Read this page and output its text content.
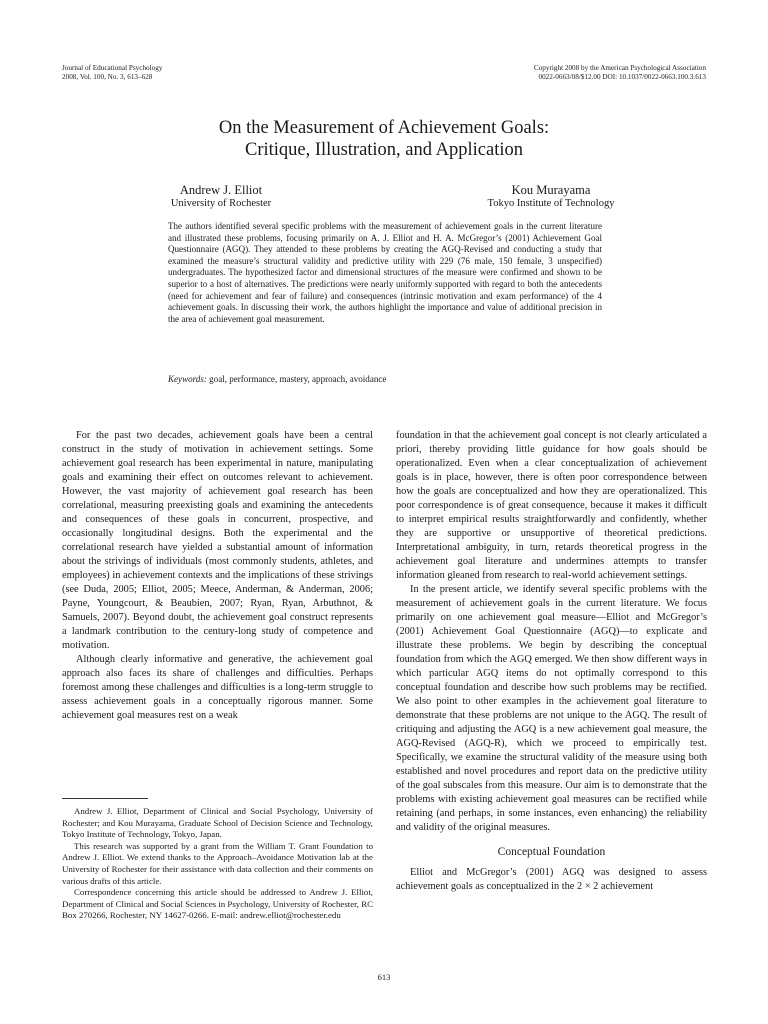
Journal of Educational Psychology
2008, Vol. 100, No. 3, 613–628
Copyright 2008 by the American Psychological Association
0022-0663/08/$12.00 DOI: 10.1037/0022-0663.100.3.613
On the Measurement of Achievement Goals:
Critique, Illustration, and Application
Andrew J. Elliot
University of Rochester
Kou Murayama
Tokyo Institute of Technology

The authors identified several specific problems with the measurement of achievement goals in the current literature and illustrated these problems, focusing primarily on A. J. Elliot and H. A. McGregor’s (2001) Achievement Goal Questionnaire (AGQ). They attended to these problems by creating the AGQ-Revised and conducting a study that examined the measure’s structural validity and predictive utility with 229 (76 male, 150 female, 3 unspecified) undergraduates. The hypothesized factor and dimensional structures of the measure were confirmed and shown to be superior to a host of alternatives. The predictions were nearly uniformly supported with regard to both the antecedents (need for achievement and fear of failure) and consequences (intrinsic motivation and exam performance) of the 4 achievement goals. In discussing their work, the authors highlight the importance and value of additional precision in the area of achievement goal measurement.

Keywords: goal, performance, mastery, approach, avoidance

For the past two decades, achievement goals have been a central construct in the study of motivation in achievement settings. Some achievement goal research has been experimental in nature, manipulating goals and examining their effect on outcomes relevant to achievement. However, the vast majority of achievement goal research has been correlational, measuring preexisting goals and examining the antecedents and consequences of these goals in concurrent, prospective, and occasionally longitudinal designs. Both the experimental and the correlational research have yielded a substantial amount of information about the strivings of individuals (most commonly students, athletes, and employees) in achievement contexts and the implications of these strivings (see Duda, 2005; Elliot, 2005; Meece, Anderman, & Anderman, 2006; Payne, Youngcourt, & Beaubien, 2007; Ryan, Ryan, Arbuthnot, & Samuels, 2007). Beyond doubt, the achievement goal construct represents a landmark contribution to the century-long study of competence and motivation.

Although clearly informative and generative, the achievement goal approach also faces its share of challenges and difficulties. Perhaps foremost among these challenges and difficulties is a long-term struggle to assess achievement goals in a conceptually rigorous manner. Some achievement goal measures rest on a weak

Andrew J. Elliot, Department of Clinical and Social Psychology, University of Rochester; and Kou Murayama, Graduate School of Decision Science and Technology, Tokyo Institute of Technology, Tokyo, Japan.

This research was supported by a grant from the William T. Grant Foundation to Andrew J. Elliot. We extend thanks to the Approach–Avoidance Motivation lab at the University of Rochester for their assistance with data collection and their comments on various drafts of this article.

Correspondence concerning this article should be addressed to Andrew J. Elliot, Department of Clinical and Social Sciences in Psychology, University of Rochester, RC Box 270266, Rochester, NY 14627-0266. E-mail: andrew.elliot@rochester.edu

foundation in that the achievement goal concept is not clearly articulated a priori, thereby providing little guidance for how goals should be operationalized. Even when a clear conceptualization of achievement goals is in place, however, there is often poor correspondence between how the goals are conceptualized and how they are operationalized. This poor correspondence is of great consequence, because it makes it difficult to interpret empirical results straightforwardly and confidently, whether they are supportive or unsupportive of theoretical predictions. Interpretational ambiguity, in turn, retards theoretical progress in the achievement goal literature and undermines attempts to transfer information gleaned from research to real-world achievement settings.

In the present article, we identify several specific problems with the measurement of achievement goals in the current literature. We focus primarily on one achievement goal measure—Elliot and McGregor’s (2001) Achievement Goal Questionnaire (AGQ)—to explicate and illustrate these problems. We begin by describing the conceptual foundation from which the AGQ emerged. We then show different ways in which particular AGQ items do not optimally correspond to this conceptual foundation and describe how such problems may be rectified. We also point to other examples in the achievement goal literature to demonstrate that these problems are not unique to the AGQ. The result of critiquing and adjusting the AGQ is a new achievement goal measure, the AGQ-Revised (AGQ-R), which we proceed to empirically test. Specifically, we examine the structural validity of the measure using both established and novel procedures and report data on the predictive utility of the goal subscales from this measure. Our aim is to demonstrate that the problems with existing achievement goal measures can be rectified while retaining (and perhaps, in some instances, even enhancing) the reliability and validity of the original measures.

Conceptual Foundation

Elliot and McGregor’s (2001) AGQ was designed to assess achievement goals as conceptualized in the 2 × 2 achievement

613
